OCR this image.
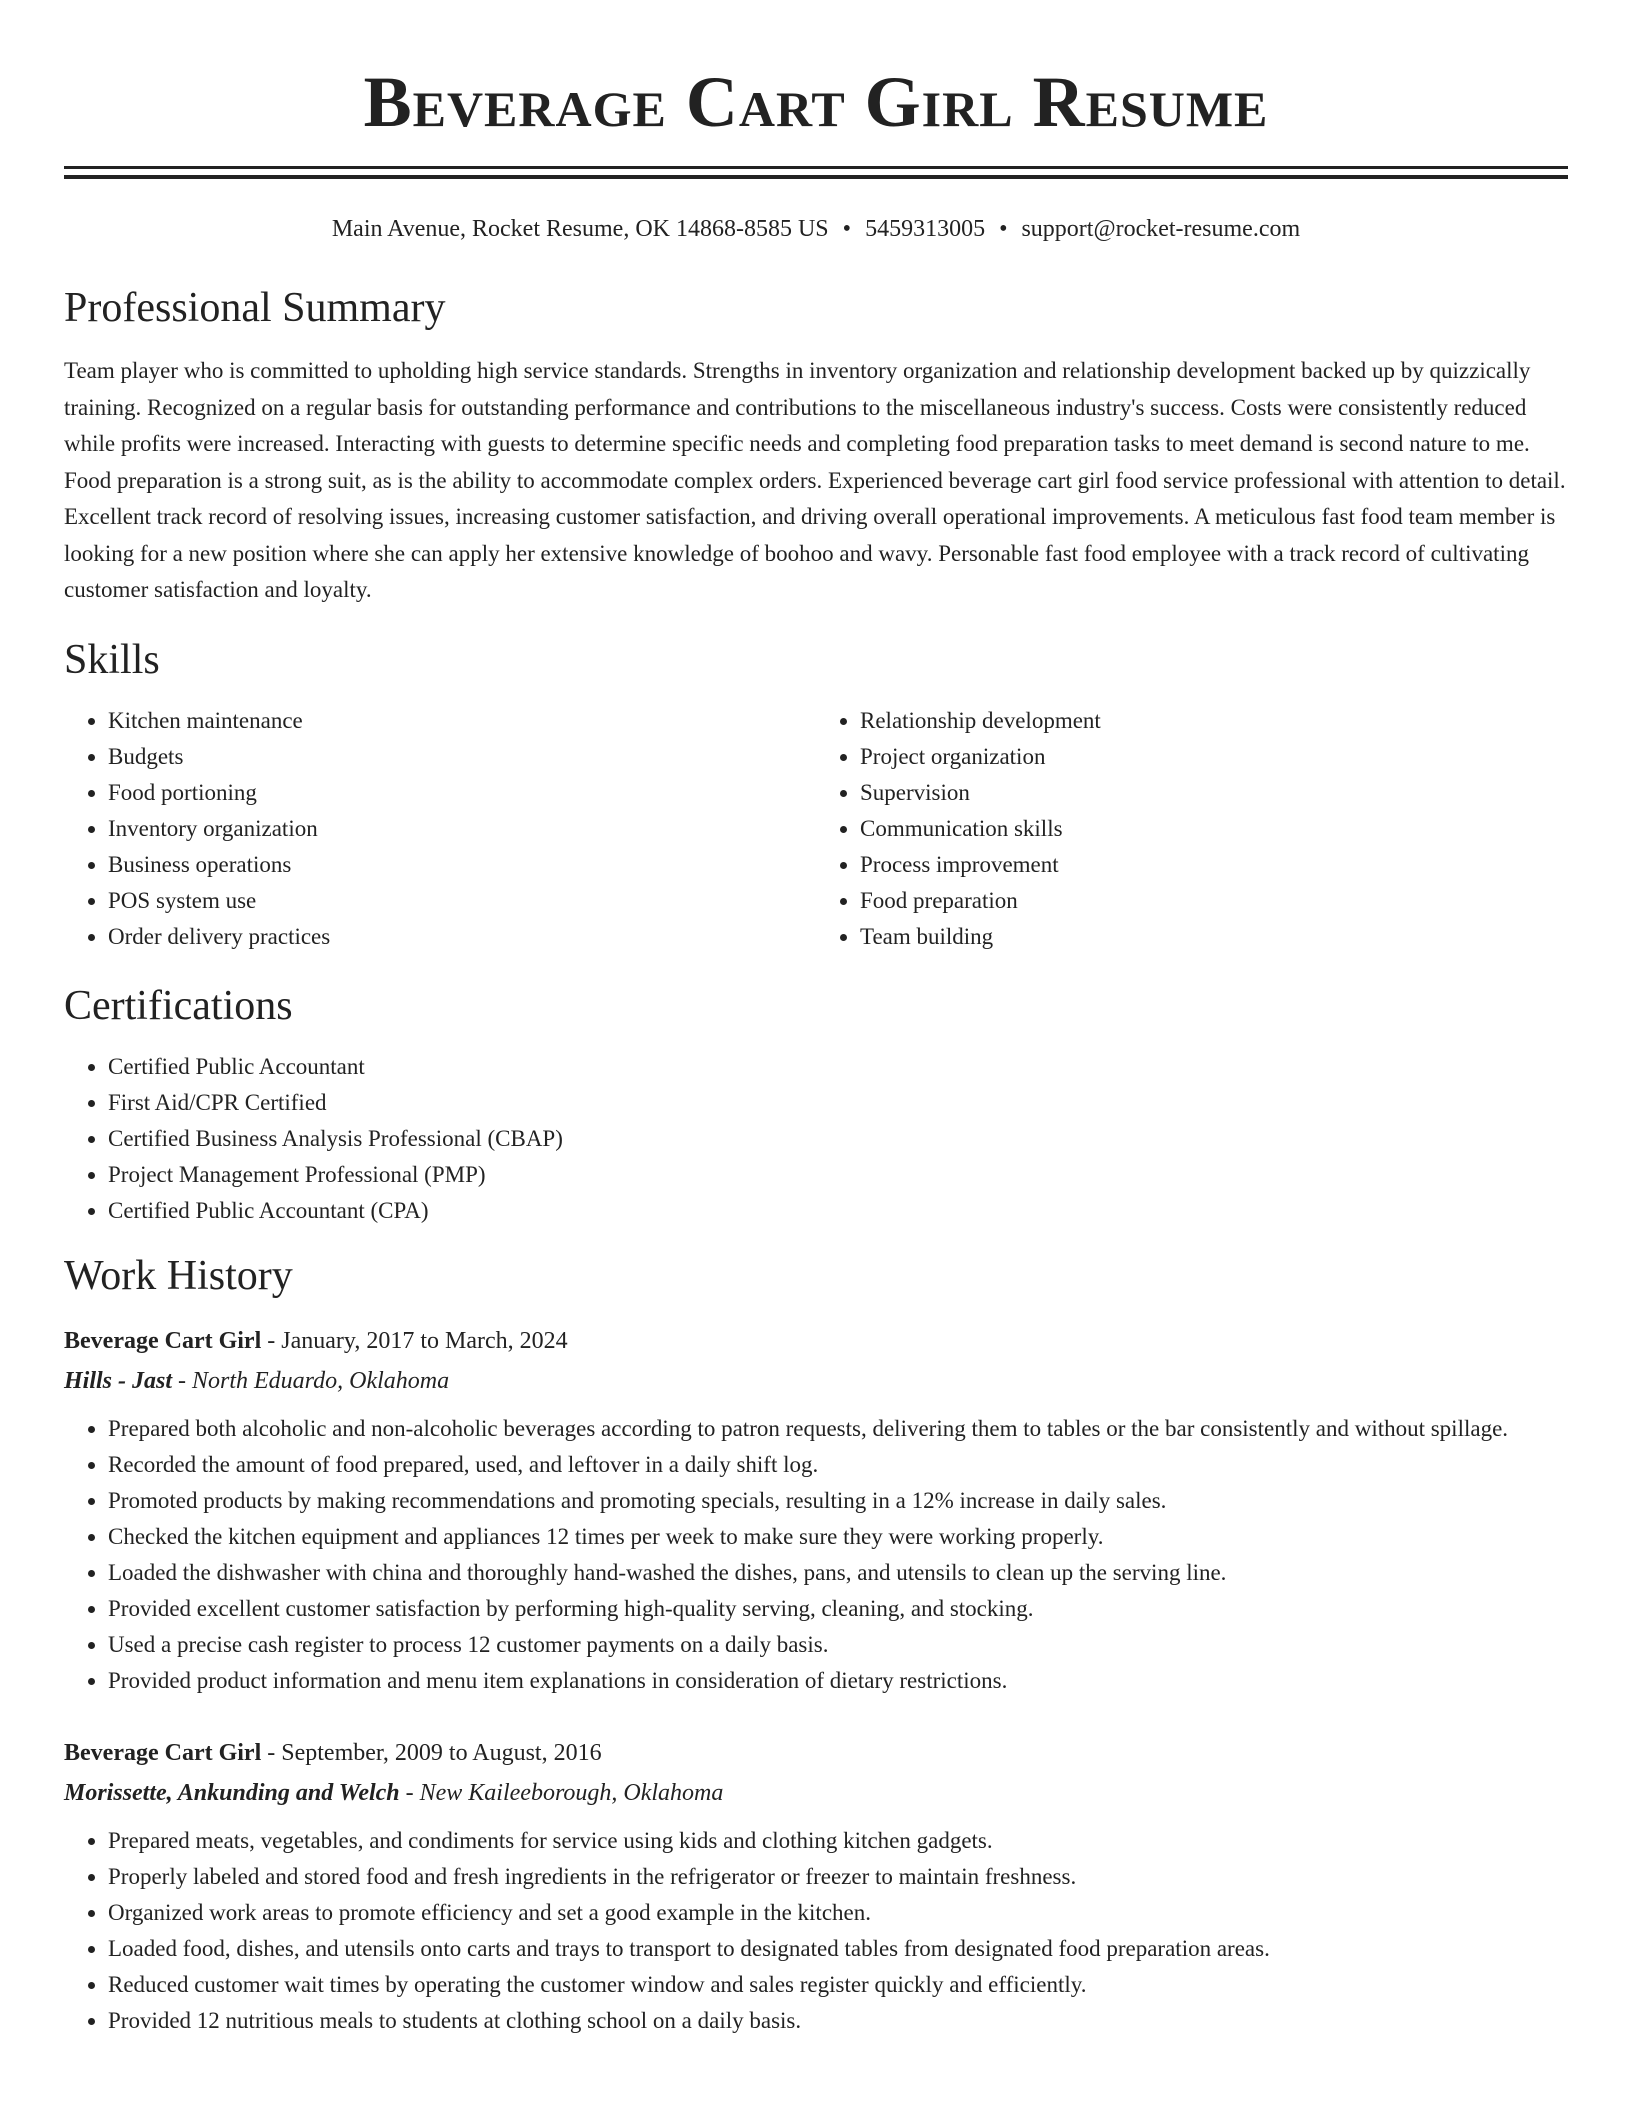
Beverage Cart Girl Resume
Main Avenue, Rocket Resume, OK 14868-8585 US • 5459313005 • support@rocket-resume.com
Professional Summary
Team player who is committed to upholding high service standards. Strengths in inventory organization and relationship development backed up by quizzically training. Recognized on a regular basis for outstanding performance and contributions to the miscellaneous industry's success. Costs were consistently reduced while profits were increased. Interacting with guests to determine specific needs and completing food preparation tasks to meet demand is second nature to me. Food preparation is a strong suit, as is the ability to accommodate complex orders. Experienced beverage cart girl food service professional with attention to detail. Excellent track record of resolving issues, increasing customer satisfaction, and driving overall operational improvements. A meticulous fast food team member is looking for a new position where she can apply her extensive knowledge of boohoo and wavy. Personable fast food employee with a track record of cultivating customer satisfaction and loyalty.
Skills
• Kitchen maintenance
• Budgets
• Food portioning
• Inventory organization
• Business operations
• POS system use
• Order delivery practices
• Relationship development
• Project organization
• Supervision
• Communication skills
• Process improvement
• Food preparation
• Team building
Certifications
• Certified Public Accountant
• First Aid/CPR Certified
• Certified Business Analysis Professional (CBAP)
• Project Management Professional (PMP)
• Certified Public Accountant (CPA)
Work History
Beverage Cart Girl - January, 2017 to March, 2024
Hills - Jast - North Eduardo, Oklahoma
• Prepared both alcoholic and non-alcoholic beverages according to patron requests, delivering them to tables or the bar consistently and without spillage.
• Recorded the amount of food prepared, used, and leftover in a daily shift log.
• Promoted products by making recommendations and promoting specials, resulting in a 12% increase in daily sales.
• Checked the kitchen equipment and appliances 12 times per week to make sure they were working properly.
• Loaded the dishwasher with china and thoroughly hand-washed the dishes, pans, and utensils to clean up the serving line.
• Provided excellent customer satisfaction by performing high-quality serving, cleaning, and stocking.
• Used a precise cash register to process 12 customer payments on a daily basis.
• Provided product information and menu item explanations in consideration of dietary restrictions.
Beverage Cart Girl - September, 2009 to August, 2016
Morissette, Ankunding and Welch - New Kaileeborough, Oklahoma
• Prepared meats, vegetables, and condiments for service using kids and clothing kitchen gadgets.
• Properly labeled and stored food and fresh ingredients in the refrigerator or freezer to maintain freshness.
• Organized work areas to promote efficiency and set a good example in the kitchen.
• Loaded food, dishes, and utensils onto carts and trays to transport to designated tables from designated food preparation areas.
• Reduced customer wait times by operating the customer window and sales register quickly and efficiently.
• Provided 12 nutritious meals to students at clothing school on a daily basis.
